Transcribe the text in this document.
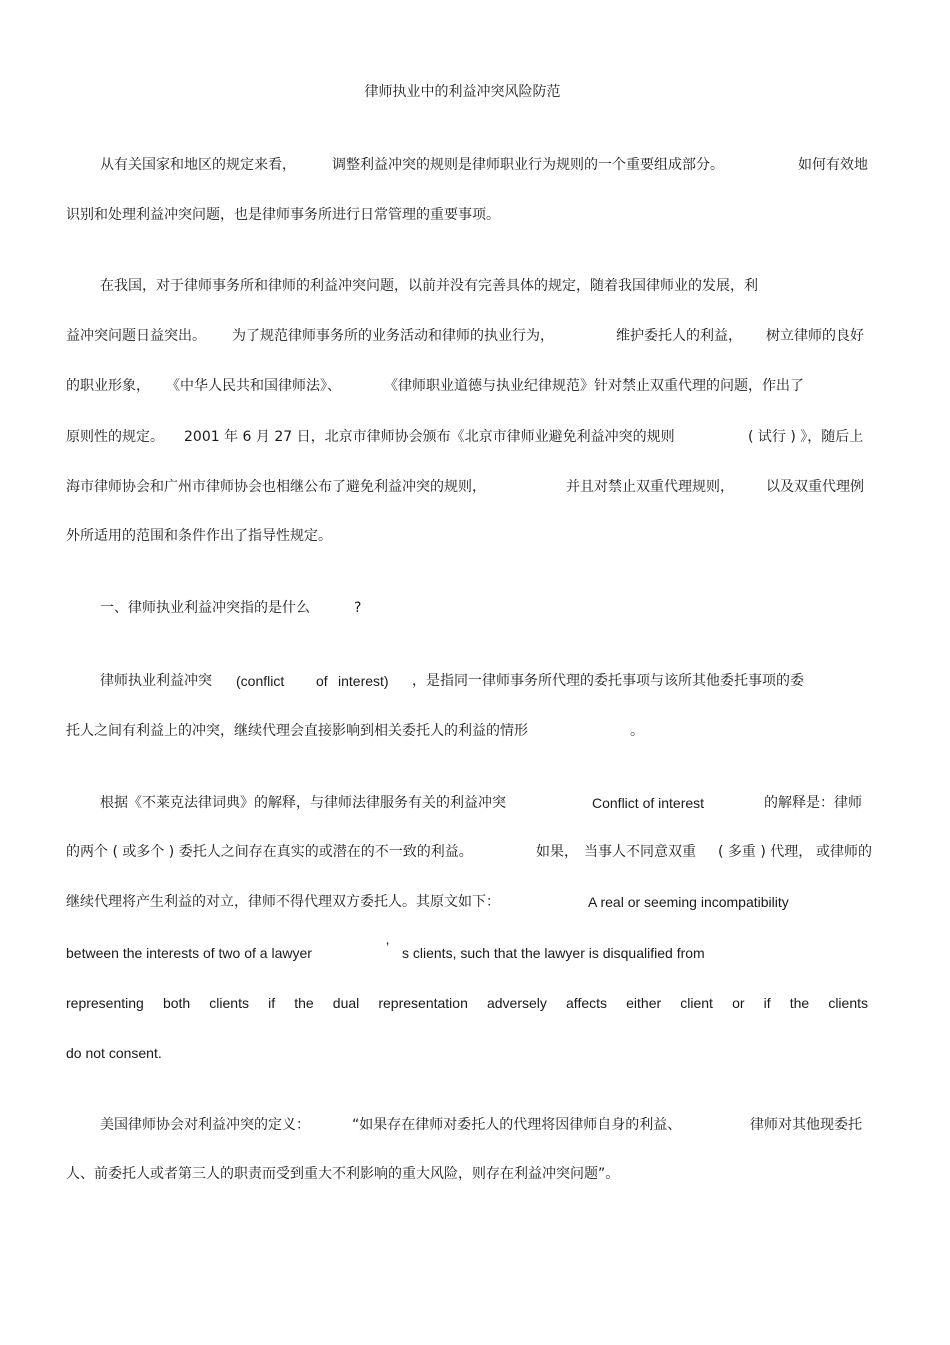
律师执业中的利益冲突风险防范
从有关国家和地区的规定来看，	调整利益冲突的规则是律师职业行为规则的一个重要组成部分。	如何有效地
识别和处理利益冲突问题，也是律师事务所进行日常管理的重要事项。
在我国，对于律师事务所和律师的利益冲突问题，以前并没有完善具体的规定，随着我国律师业的发展，利
益冲突问题日益突出。 为了规范律师事务所的业务活动和律师的执业行为，	维护委托人的利益， 树立律师的良好
的职业形象， 《中华人民共和国律师法》、	《律师职业道德与执业纪律规范》针对禁止双重代理的问题，作出了
原则性的规定。 2001 年 6 月 27 日，北京市律师协会颁布《北京市律师业避免利益冲突的规则	( 试行 ) 》，随后上
海市律师协会和广州市律师协会也相继公布了避免利益冲突的规则，	并且对禁止双重代理规则， 以及双重代理例
外所适用的范围和条件作出了指导性规定。
一、律师执业利益冲突指的是什么	?
律师执业利益冲突 (conflict of interest) ，是指同一律师事务所代理的委托事项与该所其他委托事项的委
托人之间有利益上的冲突，继续代理会直接影响到相关委托人的利益的情形	。
根据《不莱克法律词典》的解释，与律师法律服务有关的利益冲突	Conflict of interest	的解释是：律师
的两个 ( 或多个 ) 委托人之间存在真实的或潜在的不一致的利益。	如果， 当事人不同意双重 ( 多重 ) 代理， 或律师的
继续代理将产生利益的对立，律师不得代理双方委托人。其原文如下：	A real or seeming incompatibility
between the interests of two of a lawyer	’ s clients, such that the lawyer is disqualified from
representing both clients if the dual representation adversely affects either client or if the clients
do not consent.
美国律师协会对利益冲突的定义：	“如果存在律师对委托人的代理将因律师自身的利益、	律师对其他现委托
人、前委托人或者第三人的职责而受到重大不利影响的重大风险，则存在利益冲突问题”。
